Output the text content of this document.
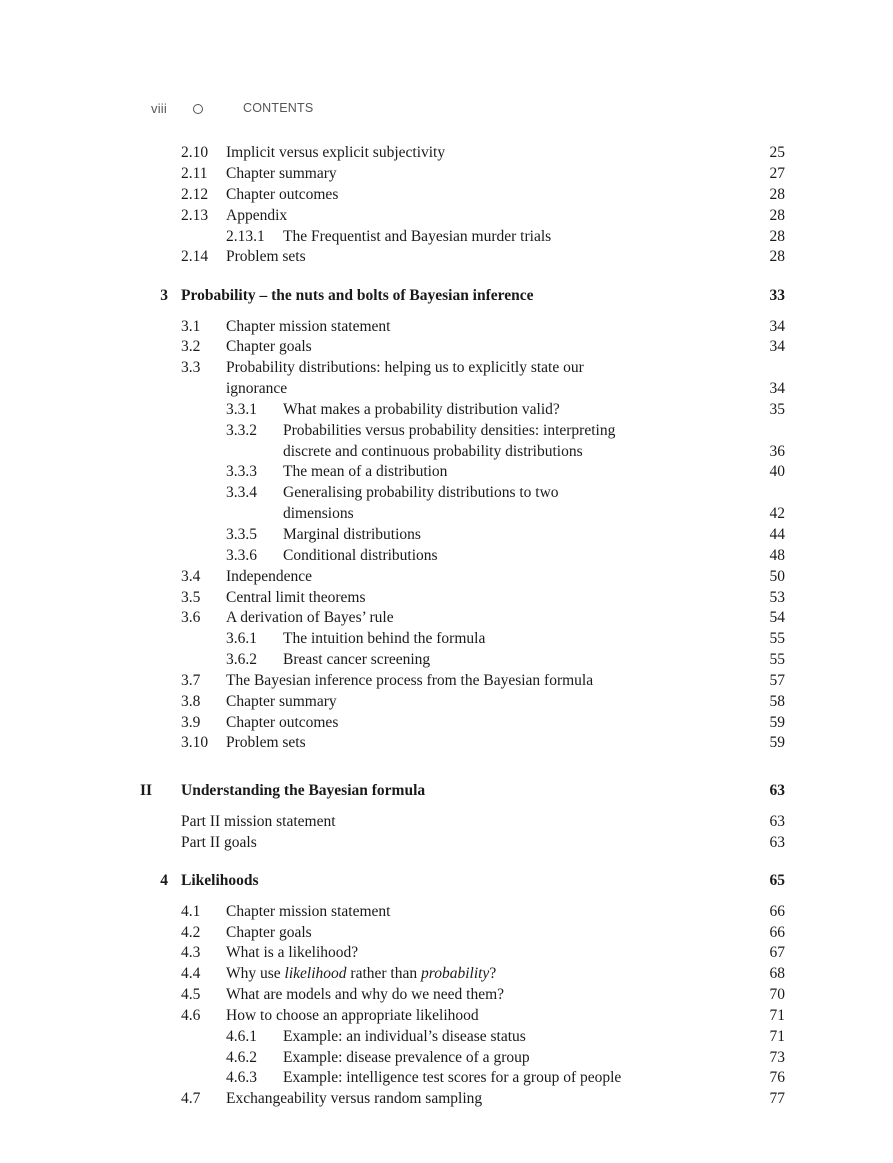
viii	CONTENTS
2.10 Implicit versus explicit subjectivity	25
2.11 Chapter summary	27
2.12 Chapter outcomes	28
2.13 Appendix	28
2.13.1 The Frequentist and Bayesian murder trials	28
2.14 Problem sets	28
3 Probability – the nuts and bolts of Bayesian inference	33
3.1 Chapter mission statement	34
3.2 Chapter goals	34
3.3 Probability distributions: helping us to explicitly state our
ignorance	34
3.3.1 What makes a probability distribution valid?	35
3.3.2 Probabilities versus probability densities: interpreting
discrete and continuous probability distributions	36
3.3.3 The mean of a distribution	40
3.3.4 Generalising probability distributions to two
dimensions	42
3.3.5 Marginal distributions	44
3.3.6 Conditional distributions	48
3.4 Independence	50
3.5 Central limit theorems	53
3.6 A derivation of Bayes’ rule	54
3.6.1 The intuition behind the formula	55
3.6.2 Breast cancer screening	55
3.7 The Bayesian inference process from the Bayesian formula	57
3.8 Chapter summary	58
3.9 Chapter outcomes	59
3.10 Problem sets	59
II	Understanding the Bayesian formula	63
Part II mission statement	63
Part II goals	63
4 Likelihoods	65
4.1 Chapter mission statement	66
4.2 Chapter goals	66
4.3 What is a likelihood?	67
4.4 Why use likelihood rather than probability?	68
4.5 What are models and why do we need them?	70
4.6 How to choose an appropriate likelihood	71
4.6.1 Example: an individual’s disease status	71
4.6.2 Example: disease prevalence of a group	73
4.6.3 Example: intelligence test scores for a group of people	76
4.7 Exchangeability versus random sampling	77
